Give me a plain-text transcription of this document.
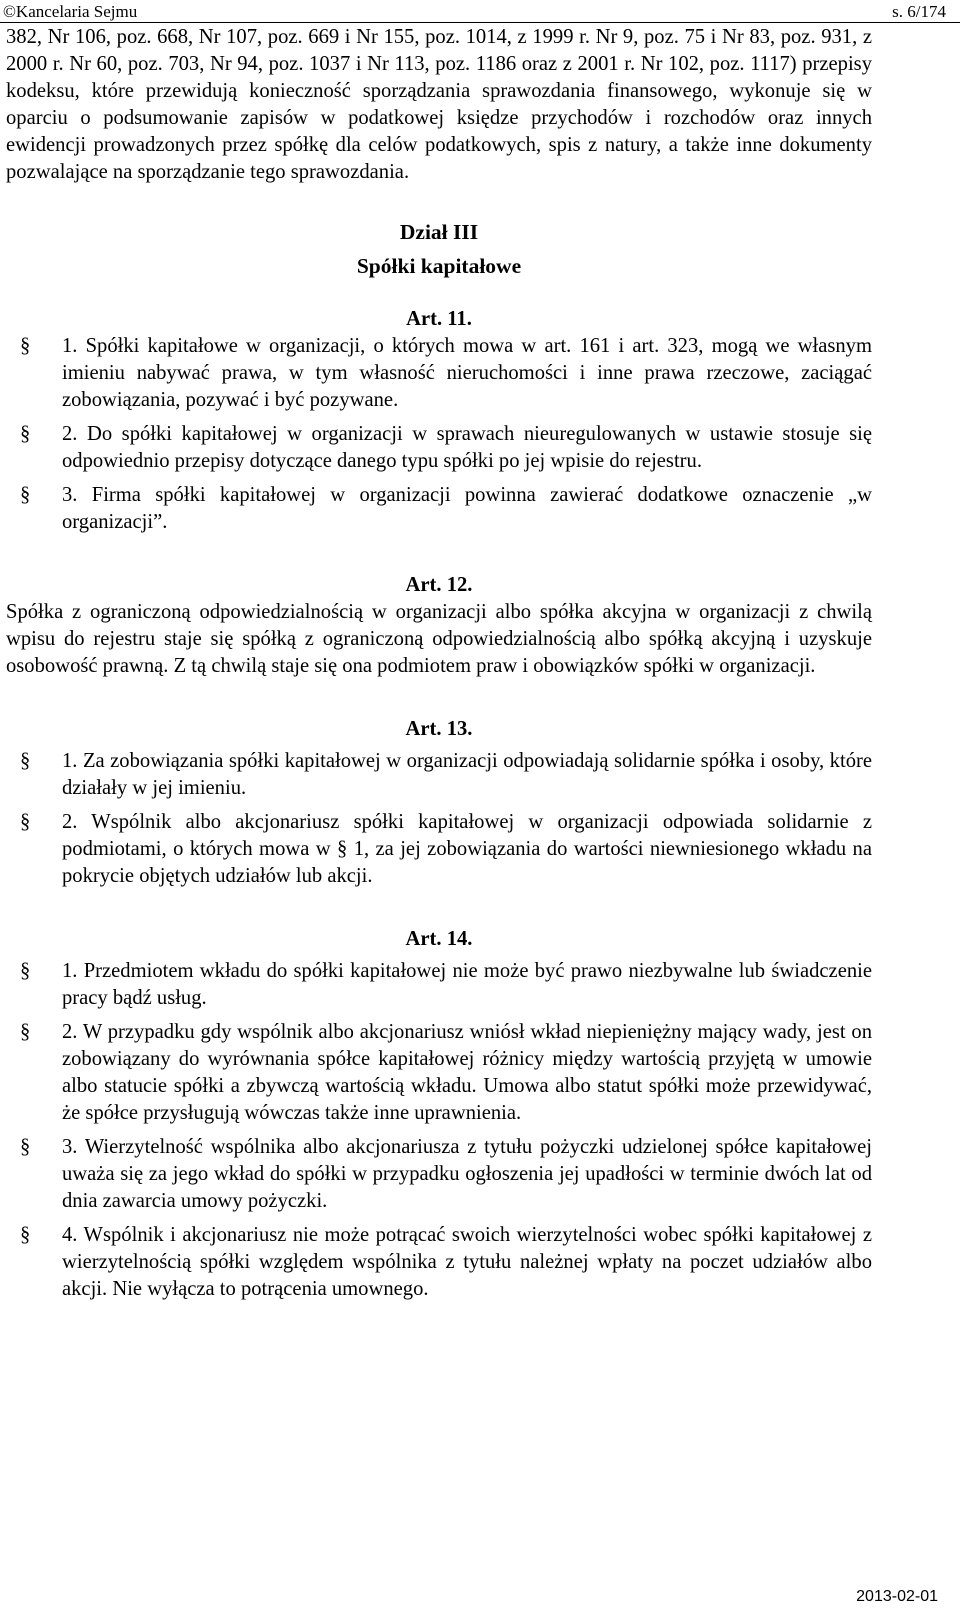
©Kancelaria Sejmu	s. 6/174

382, Nr 106, poz. 668, Nr 107, poz. 669 i Nr 155, poz. 1014, z 1999 r. Nr 9, poz. 75 i Nr 83, poz. 931, z 2000 r. Nr 60, poz. 703, Nr 94, poz. 1037 i Nr 113, poz. 1186 oraz z 2001 r. Nr 102, poz. 1117) przepisy kodeksu, które przewidują konieczność sporządzania sprawozdania finansowego, wykonuje się w oparciu o podsumowanie zapisów w podatkowej księdze przychodów i rozchodów oraz innych ewidencji prowadzonych przez spółkę dla celów podatkowych, spis z natury, a także inne dokumenty pozwalające na sporządzanie tego sprawozdania.

Dział III
Spółki kapitałowe
Art. 11.
§ 1. Spółki kapitałowe w organizacji, o których mowa w art. 161 i art. 323, mogą we własnym imieniu nabywać prawa, w tym własność nieruchomości i inne prawa rzeczowe, zaciągać zobowiązania, pozywać i być pozywane.

§ 2. Do spółki kapitałowej w organizacji w sprawach nieuregulowanych w ustawie stosuje się odpowiednio przepisy dotyczące danego typu spółki po jej wpisie do rejestru.

§ 3. Firma spółki kapitałowej w organizacji powinna zawierać dodatkowe oznaczenie „w organizacji”.

Art. 12.

Spółka z ograniczoną odpowiedzialnością w organizacji albo spółka akcyjna w organizacji z chwilą wpisu do rejestru staje się spółką z ograniczoną odpowiedzialnością albo spółką akcyjną i uzyskuje osobowość prawną. Z tą chwilą staje się ona podmiotem praw i obowiązków spółki w organizacji.

Art. 13.
§ 1. Za zobowiązania spółki kapitałowej w organizacji odpowiadają solidarnie spółka i osoby, które działały w jej imieniu.

§ 2. Wspólnik albo akcjonariusz spółki kapitałowej w organizacji odpowiada solidarnie z podmiotami, o których mowa w § 1, za jej zobowiązania do wartości niewniesionego wkładu na pokrycie objętych udziałów lub akcji.

Art. 14.
§ 1. Przedmiotem wkładu do spółki kapitałowej nie może być prawo niezbywalne lub świadczenie pracy bądź usług.

§ 2. W przypadku gdy wspólnik albo akcjonariusz wniósł wkład niepieniężny mający wady, jest on zobowiązany do wyrównania spółce kapitałowej różnicy między wartością przyjętą w umowie albo statucie spółki a zbywczą wartością wkładu. Umowa albo statut spółki może przewidywać, że spółce przysługują wówczas także inne uprawnienia.

§ 3. Wierzytelność wspólnika albo akcjonariusza z tytułu pożyczki udzielonej spółce kapitałowej uważa się za jego wkład do spółki w przypadku ogłoszenia jej upadłości w terminie dwóch lat od dnia zawarcia umowy pożyczki.

§ 4. Wspólnik i akcjonariusz nie może potrącać swoich wierzytelności wobec spółki kapitałowej z wierzytelnością spółki względem wspólnika z tytułu należnej wpłaty na poczet udziałów albo akcji. Nie wyłącza to potrącenia umownego.

2013-02-01
